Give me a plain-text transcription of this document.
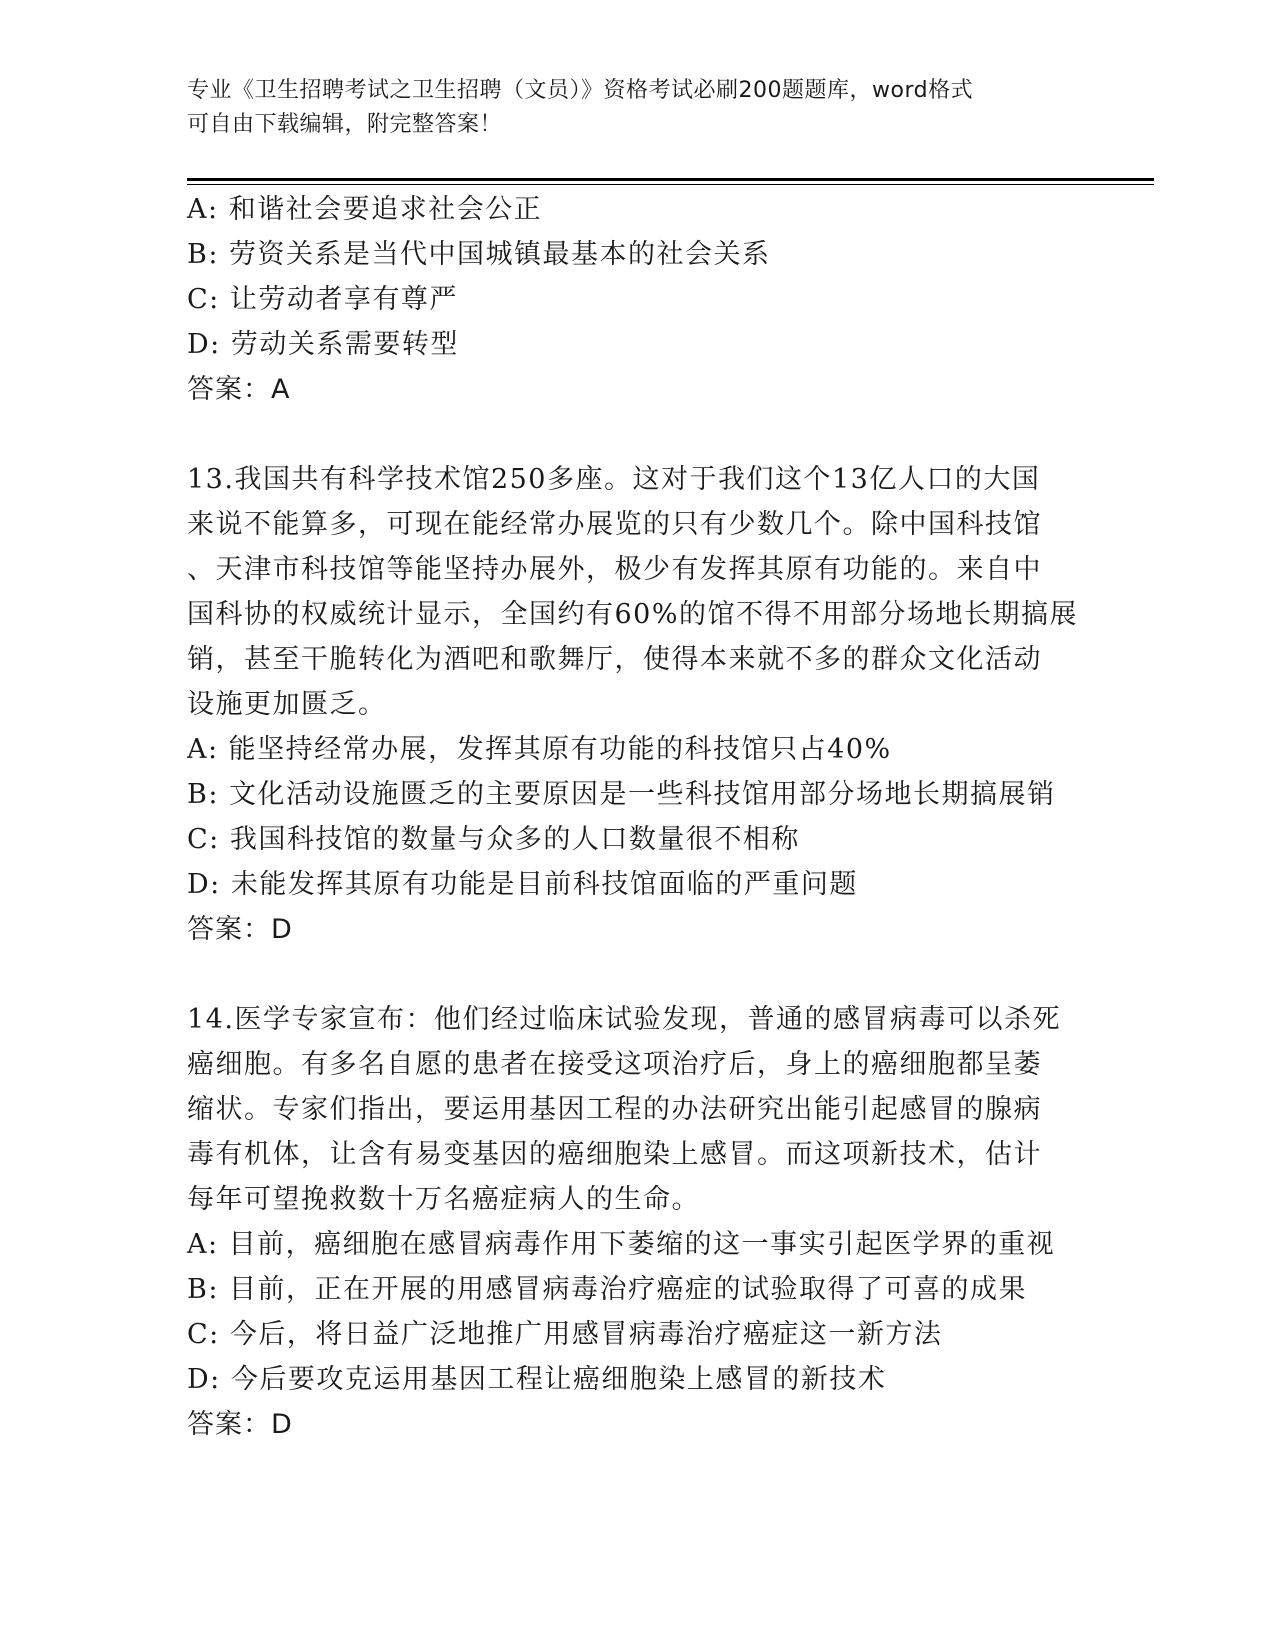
专业《卫生招聘考试之卫生招聘（文员）》资格考试必刷200题题库，word格式
可自由下载编辑，附完整答案！
A: 和谐社会要追求社会公正
B: 劳资关系是当代中国城镇最基本的社会关系
C: 让劳动者享有尊严
D: 劳动关系需要转型
答案：A
13.我国共有科学技术馆250多座。这对于我们这个13亿人口的大国
来说不能算多，可现在能经常办展览的只有少数几个。除中国科技馆
、天津市科技馆等能坚持办展外，极少有发挥其原有功能的。来自中
国科协的权威统计显示，全国约有60%的馆不得不用部分场地长期搞展
销，甚至干脆转化为酒吧和歌舞厅，使得本来就不多的群众文化活动
设施更加匮乏。
A: 能坚持经常办展，发挥其原有功能的科技馆只占40%
B: 文化活动设施匮乏的主要原因是一些科技馆用部分场地长期搞展销
C: 我国科技馆的数量与众多的人口数量很不相称
D: 未能发挥其原有功能是目前科技馆面临的严重问题
答案：D
14.医学专家宣布：他们经过临床试验发现，普通的感冒病毒可以杀死
癌细胞。有多名自愿的患者在接受这项治疗后，身上的癌细胞都呈萎
缩状。专家们指出，要运用基因工程的办法研究出能引起感冒的腺病
毒有机体，让含有易变基因的癌细胞染上感冒。而这项新技术，估计
每年可望挽救数十万名癌症病人的生命。
A: 目前，癌细胞在感冒病毒作用下萎缩的这一事实引起医学界的重视
B: 目前，正在开展的用感冒病毒治疗癌症的试验取得了可喜的成果
C: 今后，将日益广泛地推广用感冒病毒治疗癌症这一新方法
D: 今后要攻克运用基因工程让癌细胞染上感冒的新技术
答案：D
